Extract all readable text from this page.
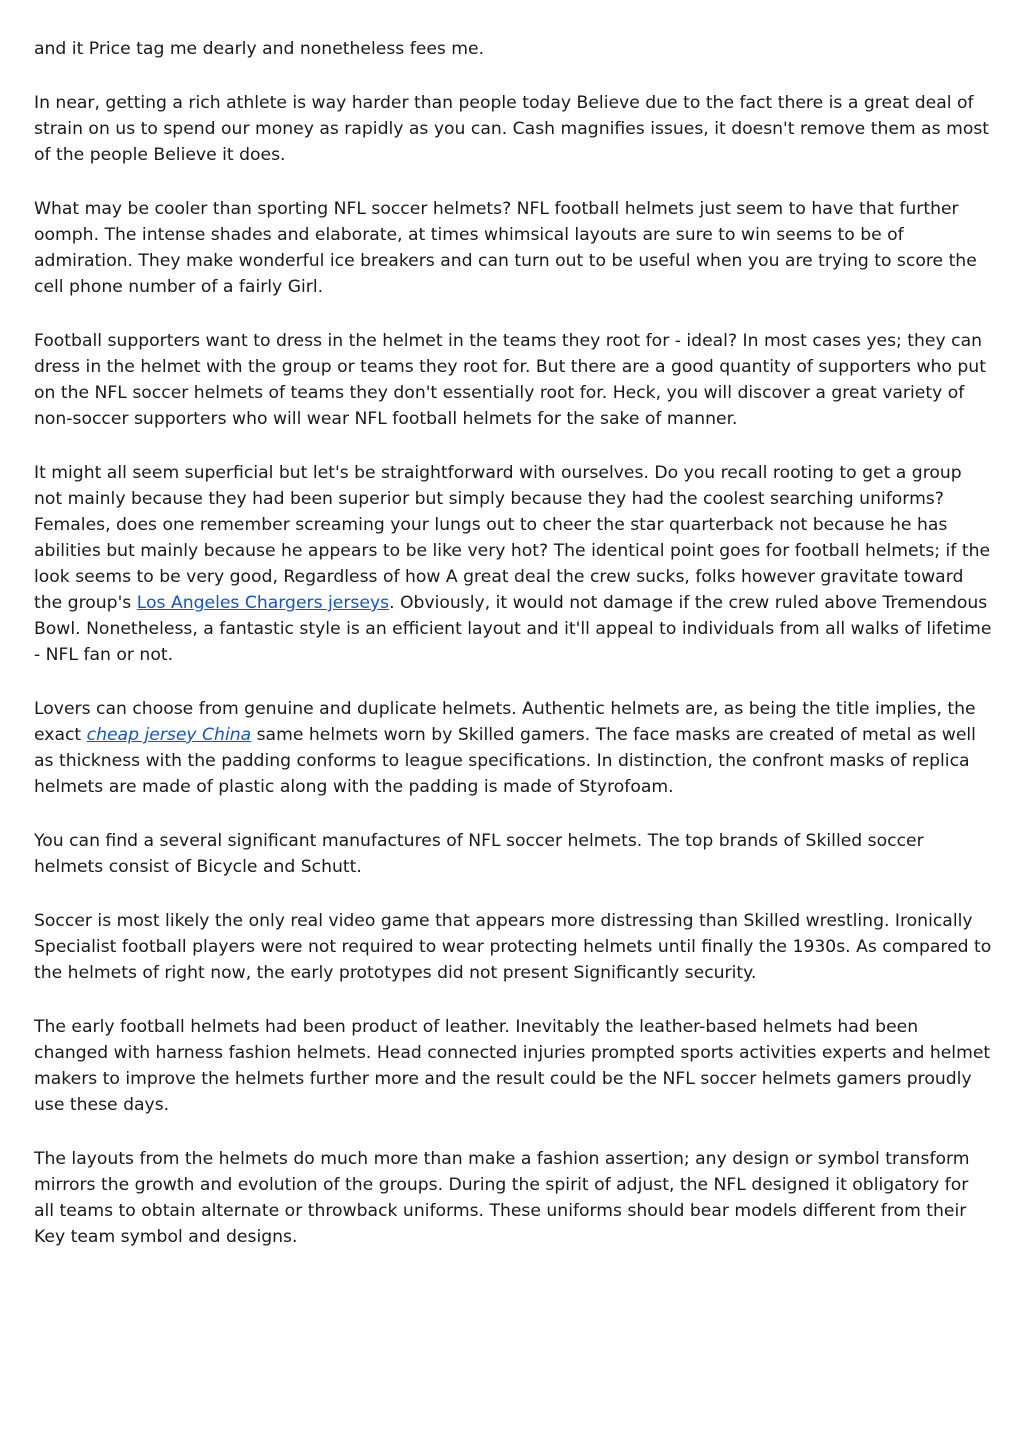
and it Price tag me dearly and nonetheless fees me.

In near, getting a rich athlete is way harder than people today Believe due to the fact there is a great deal of strain on us to spend our money as rapidly as you can. Cash magnifies issues, it doesn't remove them as most of the people Believe it does.

What may be cooler than sporting NFL soccer helmets? NFL football helmets just seem to have that further oomph. The intense shades and elaborate, at times whimsical layouts are sure to win seems to be of admiration. They make wonderful ice breakers and can turn out to be useful when you are trying to score the cell phone number of a fairly Girl.

Football supporters want to dress in the helmet in the teams they root for - ideal? In most cases yes; they can dress in the helmet with the group or teams they root for. But there are a good quantity of supporters who put on the NFL soccer helmets of teams they don't essentially root for. Heck, you will discover a great variety of non-soccer supporters who will wear NFL football helmets for the sake of manner.

It might all seem superficial but let's be straightforward with ourselves. Do you recall rooting to get a group not mainly because they had been superior but simply because they had the coolest searching uniforms? Females, does one remember screaming your lungs out to cheer the star quarterback not because he has abilities but mainly because he appears to be like very hot? The identical point goes for football helmets; if the look seems to be very good, Regardless of how A great deal the crew sucks, folks however gravitate toward the group's Los Angeles Chargers jerseys. Obviously, it would not damage if the crew ruled above Tremendous Bowl. Nonetheless, a fantastic style is an efficient layout and it'll appeal to individuals from all walks of lifetime - NFL fan or not.

Lovers can choose from genuine and duplicate helmets. Authentic helmets are, as being the title implies, the exact cheap jersey China same helmets worn by Skilled gamers. The face masks are created of metal as well as thickness with the padding conforms to league specifications. In distinction, the confront masks of replica helmets are made of plastic along with the padding is made of Styrofoam.

You can find a several significant manufactures of NFL soccer helmets. The top brands of Skilled soccer helmets consist of Bicycle and Schutt.

Soccer is most likely the only real video game that appears more distressing than Skilled wrestling. Ironically Specialist football players were not required to wear protecting helmets until finally the 1930s. As compared to the helmets of right now, the early prototypes did not present Significantly security.

The early football helmets had been product of leather. Inevitably the leather-based helmets had been changed with harness fashion helmets. Head connected injuries prompted sports activities experts and helmet makers to improve the helmets further more and the result could be the NFL soccer helmets gamers proudly use these days.

The layouts from the helmets do much more than make a fashion assertion; any design or symbol transform mirrors the growth and evolution of the groups. During the spirit of adjust, the NFL designed it obligatory for all teams to obtain alternate or throwback uniforms. These uniforms should bear models different from their Key team symbol and designs.
